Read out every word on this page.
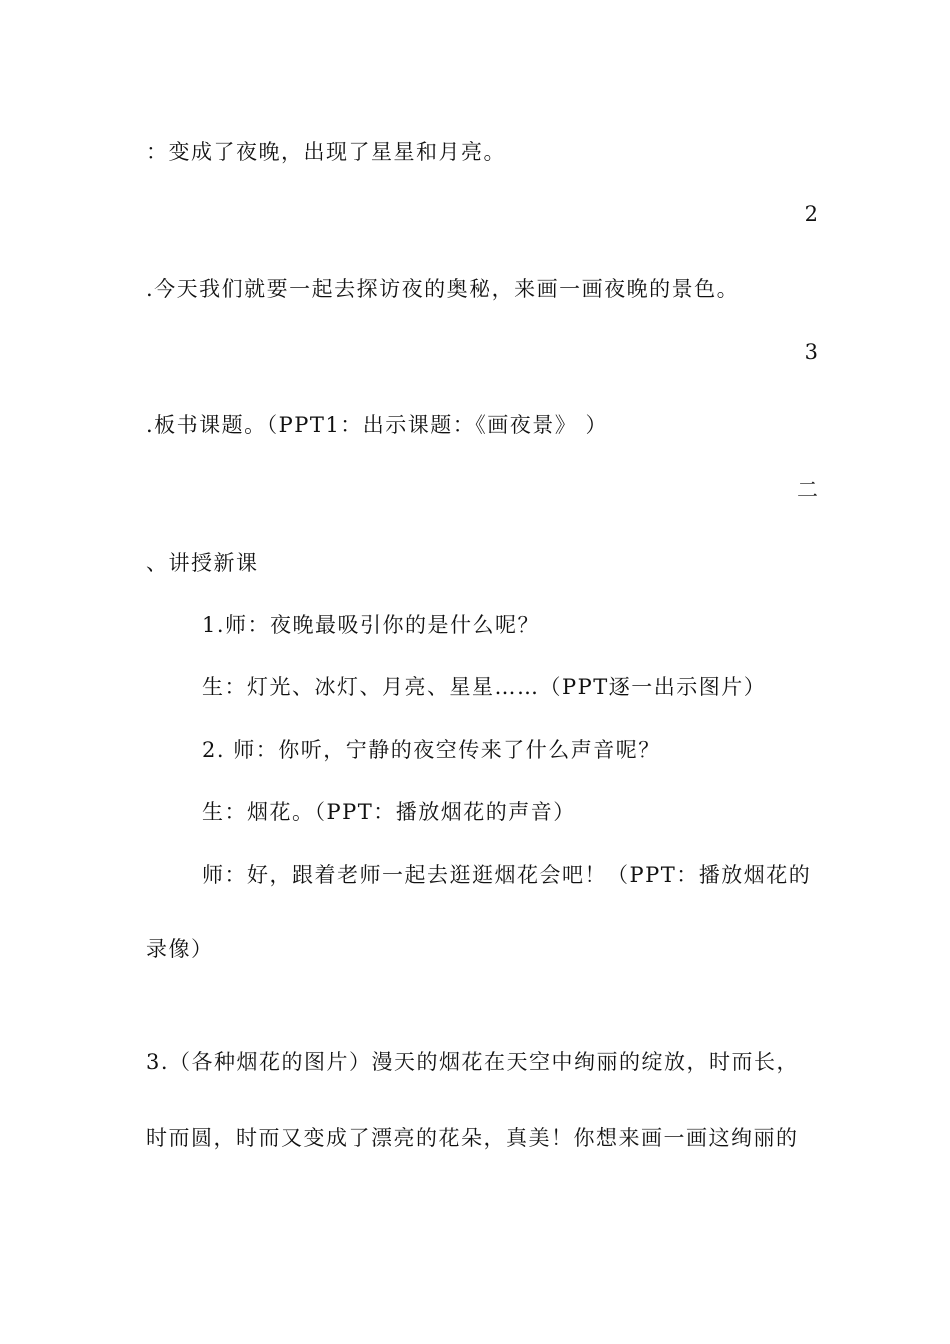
：变成了夜晚，出现了星星和月亮。
2
.今天我们就要一起去探访夜的奥秘，来画一画夜晚的景色。
3
.板书课题。（PPT1：出示课题：《画夜景》 ）
二
、讲授新课
1.师：夜晚最吸引你的是什么呢？
生：灯光、冰灯、月亮、星星……（PPT逐一出示图片）
2. 师：你听，宁静的夜空传来了什么声音呢？
生：烟花。（PPT：播放烟花的声音）
师：好，跟着老师一起去逛逛烟花会吧！（PPT：播放烟花的
录像）
3.（各种烟花的图片）漫天的烟花在天空中绚丽的绽放，时而长，
时而圆，时而又变成了漂亮的花朵，真美！你想来画一画这绚丽的
